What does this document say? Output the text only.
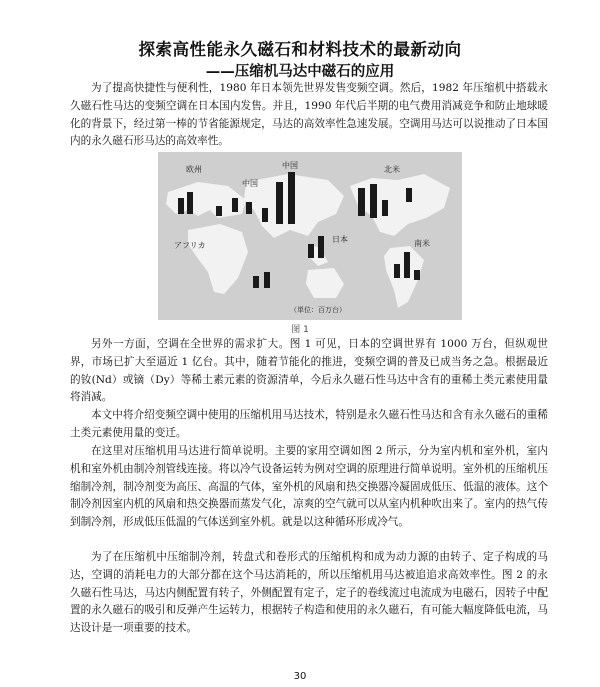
探索高性能永久磁石和材料技术的最新动向
——压缩机马达中磁石的应用

为了提高快捷性与便利性，1980 年日本领先世界发售变频空调。然后，1982 年压缩机中搭载永久磁石性马达的变频空调在日本国内发售。并且，1990 年代后半期的电气费用消减竞争和防止地球暖化的背景下，经过第一棒的节省能源规定，马达的高效率性急速发展。空调用马达可以说推动了日本国内的永久磁石形马达的高效率性。

欧州
中国
中国	北米
アフリカ
日本	南米
（単位：百万台）
图 1

另外一方面，空调在全世界的需求扩大。图 1 可见，日本的空调世界有 1000 万台，但纵观世界，市场已扩大至逼近 1 亿台。其中，随着节能化的推进，变频空调的普及已成当务之急。根据最近的钕(Nd）或镝（Dy）等稀土素元素的资源清单，今后永久磁石性马达中含有的重稀土类元素使用量将消减。

本文中将介绍变频空调中使用的压缩机用马达技术，特别是永久磁石性马达和含有永久磁石的重稀土类元素使用量的变迁。

在这里对压缩机用马达进行简单说明。主要的家用空调如图 2 所示，分为室内机和室外机，室内机和室外机由制冷剂管线连接。将以冷气设备运转为例对空调的原理进行简单说明。室外机的压缩机压缩制冷剂，制冷剂变为高压、高温的气体，室外机的风扇和热交换器冷凝固成低压、低温的液体。这个制冷剂因室内机的风扇和热交换器而蒸发气化，凉爽的空气就可以从室内机种吹出来了。室内的热气传到制冷剂，形成低压低温的气体送到室外机。就是以这种循环形成冷气。

为了在压缩机中压缩制冷剂，转盘式和卷形式的压缩机构和成为动力源的由转子、定子构成的马达，空调的消耗电力的大部分都在这个马达消耗的，所以压缩机用马达被追追求高效率性。图 2 的永久磁石性马达，马达内侧配置有转子，外侧配置有定子，定子的卷线流过电流成为电磁石，因转子中配置的永久磁石的吸引和反弹产生运转力，根据转子构造和使用的永久磁石，有可能大幅度降低电流，马达设计是一项重要的技术。

30
